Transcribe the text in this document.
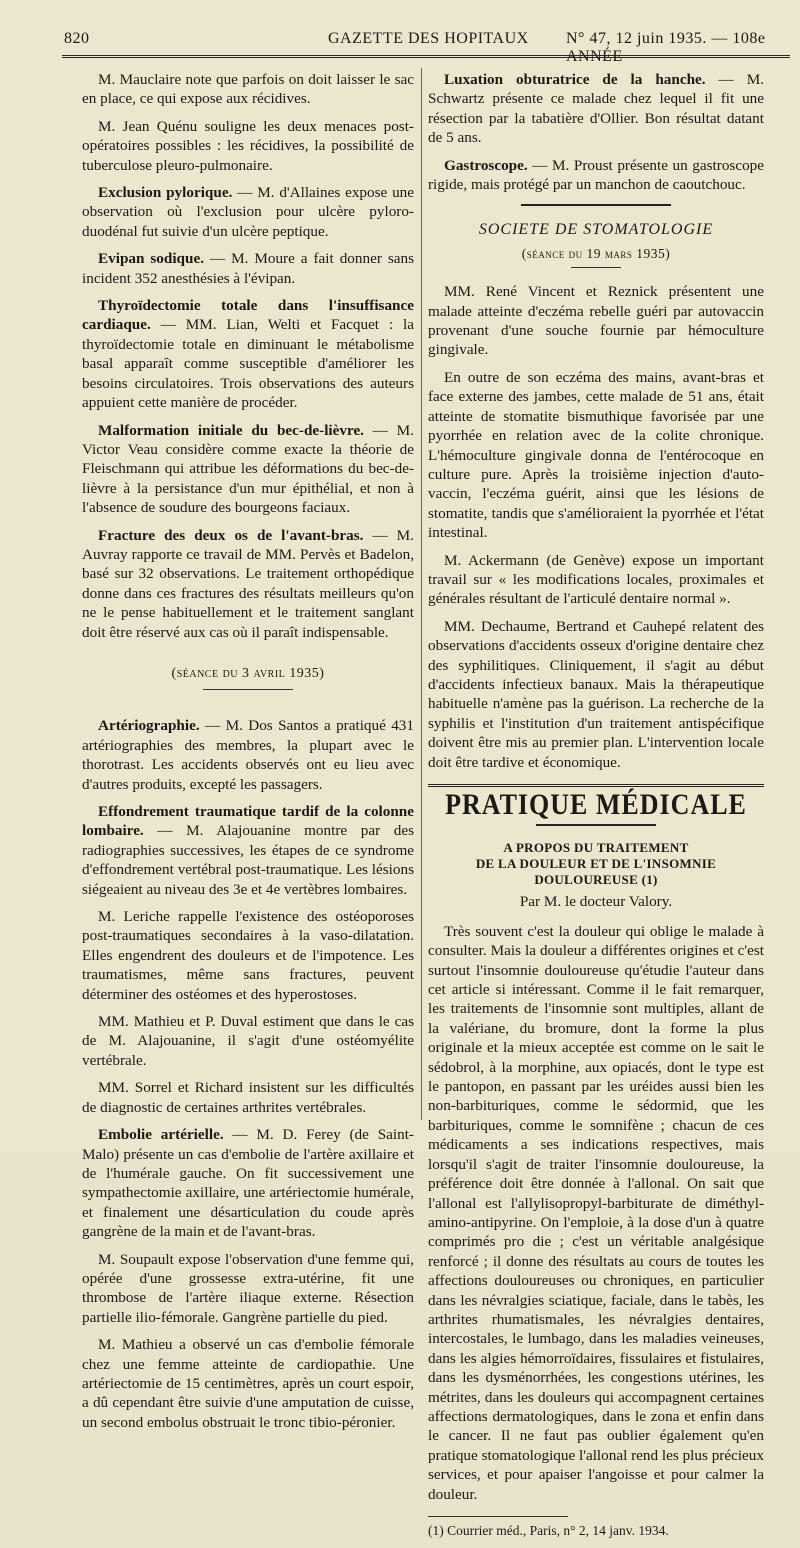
820	GAZETTE DES HOPITAUX N° 47, 12 juin 1935. — 108e ANNÉE

M. Mauclaire note que parfois on doit laisser le sac en place, ce qui expose aux récidives.

M. Jean Quénu souligne les deux menaces post-opératoires possibles : les récidives, la possibilité de tuberculose pleuro-pulmonaire.

Exclusion pylorique. — M. d'Allaines expose une observation où l'exclusion pour ulcère pyloro-duodénal fut suivie d'un ulcère peptique.

Evipan sodique. — M. Moure a fait donner sans incident 352 anesthésies à l'évipan.

Thyroïdectomie totale dans l'insuffisance cardiaque. — MM. Lian, Welti et Facquet : la thyroïdectomie totale en diminuant le métabolisme basal apparaît comme susceptible d'améliorer les besoins circulatoires. Trois observations des auteurs appuient cette manière de procéder.

Malformation initiale du bec-de-lièvre. — M. Victor Veau considère comme exacte la théorie de Fleischmann qui attribue les déformations du bec-de-lièvre à la persistance d'un mur épithélial, et non à l'absence de soudure des bourgeons faciaux.

Fracture des deux os de l'avant-bras. — M. Auvray rapporte ce travail de MM. Pervès et Badelon, basé sur 32 observations. Le traitement orthopédique donne dans ces fractures des résultats meilleurs qu'on ne le pense habituellement et le traitement sanglant doit être réservé aux cas où il paraît indispensable.

(séance du 3 avril 1935)

Artériographie. — M. Dos Santos a pratiqué 431 artériographies des membres, la plupart avec le thorotrast. Les accidents observés ont eu lieu avec d'autres produits, excepté les passagers.

Effondrement traumatique tardif de la colonne lombaire. — M. Alajouanine montre par des radiographies successives, les étapes de ce syndrome d'effondrement vertébral post-traumatique. Les lésions siégeaient au niveau des 3e et 4e vertèbres lombaires.

M. Leriche rappelle l'existence des ostéoporoses post-traumatiques secondaires à la vaso-dilatation. Elles engendrent des douleurs et de l'impotence. Les traumatismes, même sans fractures, peuvent déterminer des ostéomes et des hyperostoses.

MM. Mathieu et P. Duval estiment que dans le cas de M. Alajouanine, il s'agit d'une ostéomyélite vertébrale.

MM. Sorrel et Richard insistent sur les difficultés de diagnostic de certaines arthrites vertébrales.

Embolie artérielle. — M. D. Ferey (de Saint-Malo) présente un cas d'embolie de l'artère axillaire et de l'humérale gauche. On fit successivement une sympathectomie axillaire, une artériectomie humérale, et finalement une désarticulation du coude après gangrène de la main et de l'avant-bras.

M. Soupault expose l'observation d'une femme qui, opérée d'une grossesse extra-utérine, fit une thrombose de l'artère iliaque externe. Résection partielle ilio-fémorale. Gangrène partielle du pied.

M. Mathieu a observé un cas d'embolie fémorale chez une femme atteinte de cardiopathie. Une artériectomie de 15 centimètres, après un court espoir, a dû cependant être suivie d'une amputation de cuisse, un second embolus obstruait le tronc tibio-péronier.

Luxation obturatrice de la hanche. — M. Schwartz présente ce malade chez lequel il fit une résection par la tabatière d'Ollier. Bon résultat datant de 5 ans.

Gastroscope. — M. Proust présente un gastroscope rigide, mais protégé par un manchon de caoutchouc.

SOCIETE DE STOMATOLOGIE

(séance du 19 mars 1935)

MM. René Vincent et Reznick présentent une malade atteinte d'eczéma rebelle guéri par autovaccin provenant d'une souche fournie par hémoculture gingivale.

En outre de son eczéma des mains, avant-bras et face externe des jambes, cette malade de 51 ans, était atteinte de stomatite bismuthique favorisée par une pyorrhée en relation avec de la colite chronique. L'hémoculture gingivale donna de l'entérocoque en culture pure. Après la troisième injection d'auto-vaccin, l'eczéma guérit, ainsi que les lésions de stomatite, tandis que s'amélioraient la pyorrhée et l'état intestinal.

M. Ackermann (de Genève) expose un important travail sur « les modifications locales, proximales et générales résultant de l'articulé dentaire normal ».

MM. Dechaume, Bertrand et Cauhepé relatent des observations d'accidents osseux d'origine dentaire chez des syphilitiques. Cliniquement, il s'agit au début d'accidents infectieux banaux. Mais la thérapeutique habituelle n'amène pas la guérison. La recherche de la syphilis et l'institution d'un traitement antispécifique doivent être mis au premier plan. L'intervention locale doit être tardive et économique.

PRATIQUE MÉDICALE

A PROPOS DU TRAITEMENT

DE LA DOULEUR ET DE L'INSOMNIE DOULOUREUSE (1)

Par M. le docteur Valory.

Très souvent c'est la douleur qui oblige le malade à consulter. Mais la douleur a différentes origines et c'est surtout l'insomnie douloureuse qu'étudie l'auteur dans cet article si intéressant. Comme il le fait remarquer, les traitements de l'insomnie sont multiples, allant de la valériane, du bromure, dont la forme la plus originale et la mieux acceptée est comme on le sait le sédobrol, à la morphine, aux opiacés, dont le type est le pantopon, en passant par les uréides aussi bien les non-barbituriques, comme le sédormid, que les barbituriques, comme le somnifène ; chacun de ces médicaments a ses indications respectives, mais lorsqu'il s'agit de traiter l'insomnie douloureuse, la préférence doit être donnée à l'allonal. On sait que l'allonal est l'allylisopropyl-barbiturate de diméthyl-amino-antipyrine. On l'emploie, à la dose d'un à quatre comprimés pro die ; c'est un véritable analgésique renforcé ; il donne des résultats au cours de toutes les affections douloureuses ou chroniques, en particulier dans les névralgies sciatique, faciale, dans le tabès, les arthrites rhumatismales, les névralgies dentaires, intercostales, le lumbago, dans les maladies veineuses, dans les algies hémorroïdaires, fissulaires et fistulaires, dans les dysménorrhées, les congestions utérines, les métrites, dans les douleurs qui accompagnent certaines affections dermatologiques, dans le zona et enfin dans le cancer. Il ne faut pas oublier également qu'en pratique stomatologique l'allonal rend les plus précieux services, et pour apaiser l'angoisse et pour calmer la douleur.

(1) Courrier méd., Paris, n° 2, 14 janv. 1934.
